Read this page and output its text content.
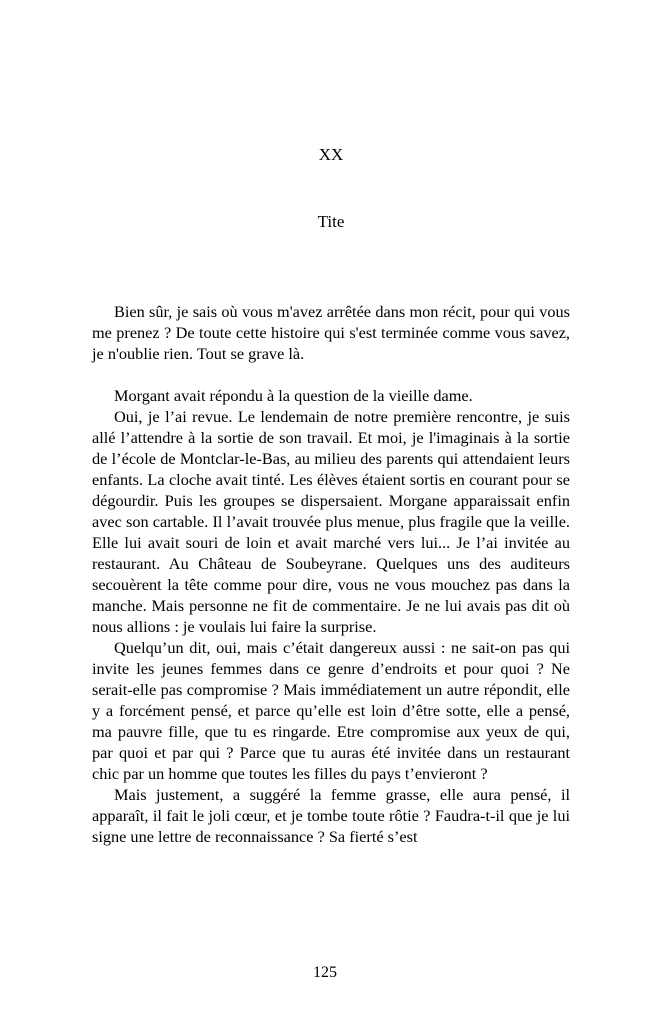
XX
Tite

Bien sûr, je sais où vous m'avez arrêtée dans mon récit, pour qui vous me prenez ? De toute cette histoire qui s'est terminée comme vous savez, je n'oublie rien. Tout se grave là.

Morgant avait répondu à la question de la vieille dame.

Oui, je l’ai revue. Le lendemain de notre première rencontre, je suis allé l’attendre à la sortie de son travail. Et moi, je l'imaginais à la sortie de l’école de Montclar-le-Bas, au milieu des parents qui attendaient leurs enfants. La cloche avait tinté. Les élèves étaient sortis en courant pour se dégourdir. Puis les groupes se dispersaient. Morgane apparaissait enfin avec son cartable. Il l’avait trouvée plus menue, plus fragile que la veille. Elle lui avait souri de loin et avait marché vers lui... Je l’ai invitée au restaurant. Au Château de Soubeyrane. Quelques uns des auditeurs secouèrent la tête comme pour dire, vous ne vous mouchez pas dans la manche. Mais personne ne fit de commentaire. Je ne lui avais pas dit où nous allions : je voulais lui faire la surprise.

Quelqu’un dit, oui, mais c’était dangereux aussi : ne sait-on pas qui invite les jeunes femmes dans ce genre d’endroits et pour quoi ? Ne serait-elle pas compromise ? Mais immédiatement un autre répondit, elle y a forcément pensé, et parce qu’elle est loin d’être sotte, elle a pensé, ma pauvre fille, que tu es ringarde. Etre compromise aux yeux de qui, par quoi et par qui ? Parce que tu auras été invitée dans un restaurant chic par un homme que toutes les filles du pays t’envieront ?

Mais justement, a suggéré la femme grasse, elle aura pensé, il apparaît, il fait le joli cœur, et je tombe toute rôtie ? Faudra-t-il que je lui signe une lettre de reconnaissance ? Sa fierté s’est

125
